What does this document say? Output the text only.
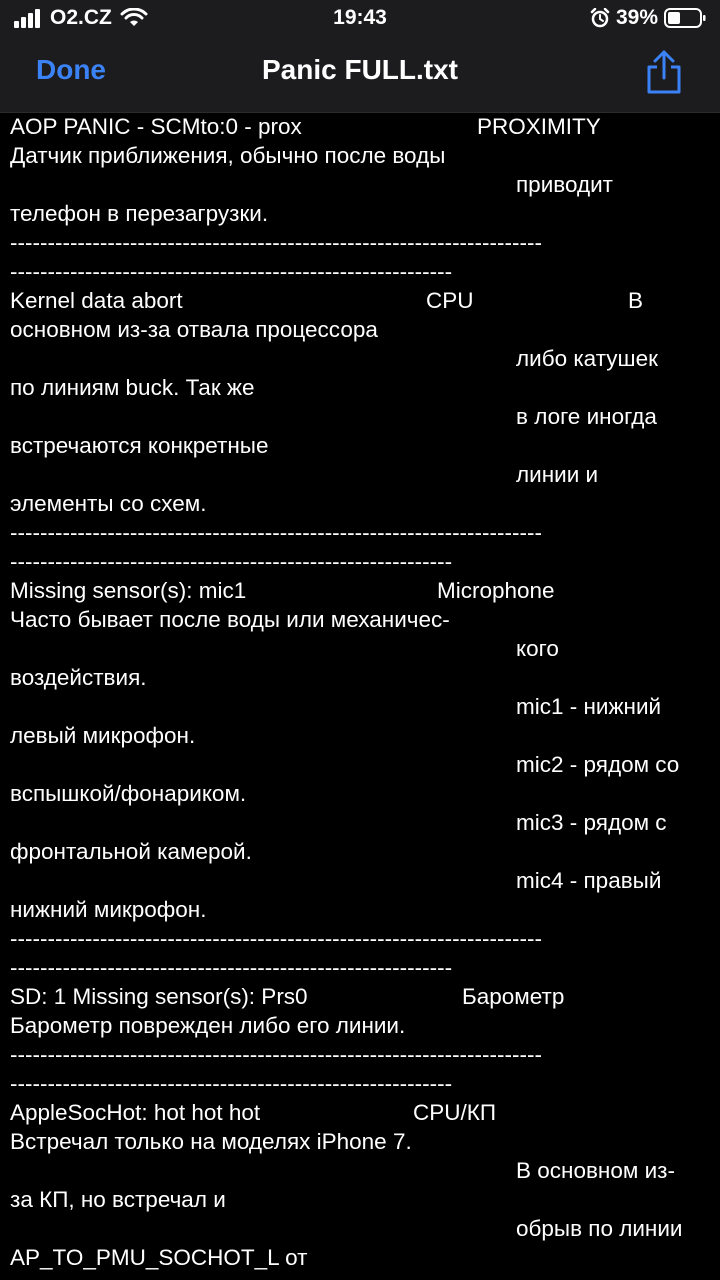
O2.CZ	19:43	39%
Done	Panic FULL.txt
AOP PANIC - SCMto:0 - prox	PROXIMITY
Датчик приближения, обычно после воды
приводит
телефон в перезагрузки.
-----------------------------------------------------------------------
-----------------------------------------------------------
Kernel data abort	CPU	В
основном из-за отвала процессора
либо катушек
по линиям buck. Так же
в логе иногда
встречаются конкретные
линии и
элементы со схем.
-----------------------------------------------------------------------
-----------------------------------------------------------
Missing sensor(s): mic1	Microphone
Часто бывает после воды или механичес-
кого
воздействия.
mic1 - нижний
левый микрофон.
mic2 - рядом со
вспышкой/фонариком.
mic3 - рядом с
фронтальной камерой.
mic4 - правый
нижний микрофон.
-----------------------------------------------------------------------
-----------------------------------------------------------
SD: 1 Missing sensor(s): Prs0	Барометр
Барометр поврежден либо его линии.
-----------------------------------------------------------------------
-----------------------------------------------------------
AppleSocHot: hot hot hot	CPU/КП
Встречал только на моделях iPhone 7.
В основном из-
за КП, но встречал и
обрыв по линии
AP_TO_PMU_SOCHOT_L от
